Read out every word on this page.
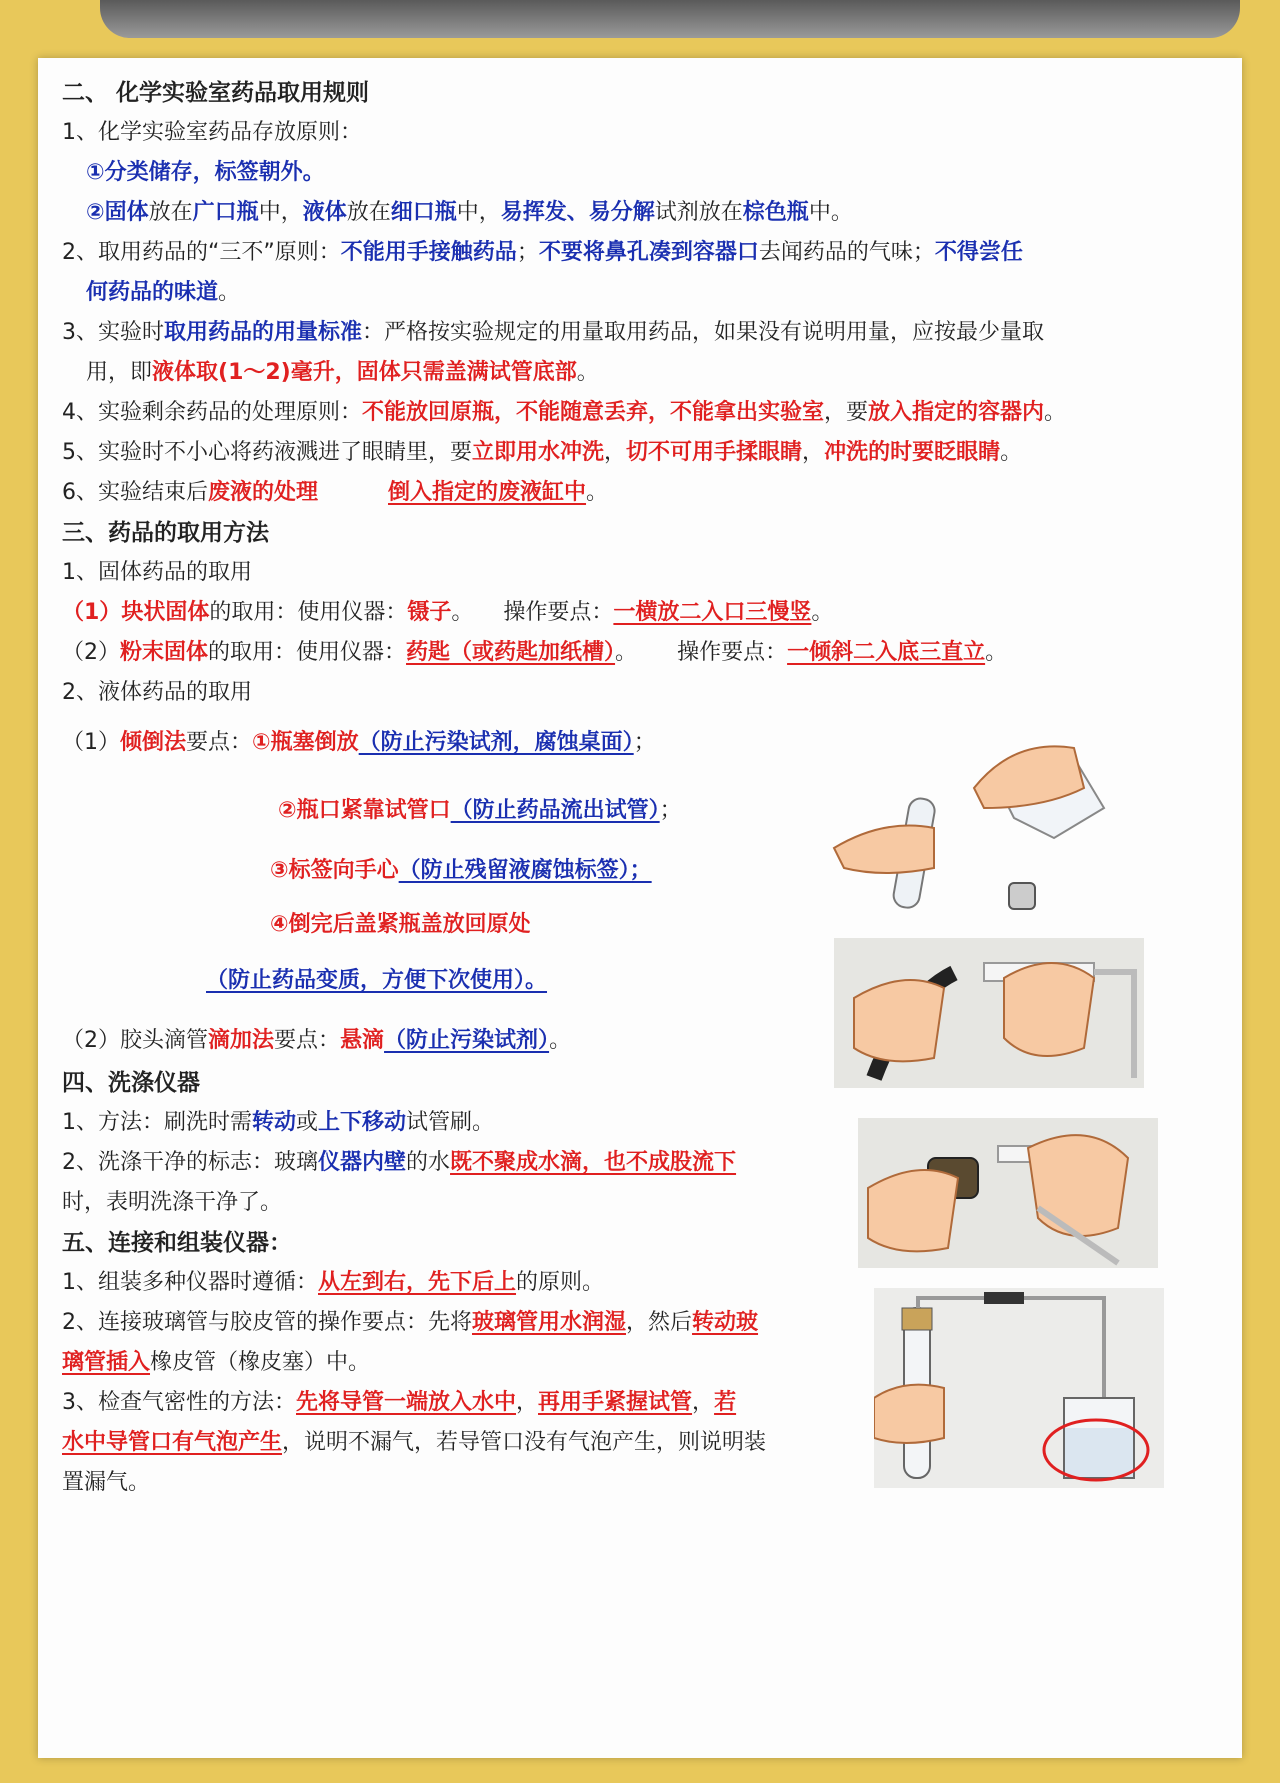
二、 化学实验室药品取用规则
1、化学实验室药品存放原则：
①分类储存，标签朝外。
②固体放在广口瓶中，液体放在细口瓶中，易挥发、易分解试剂放在棕色瓶中。
2、取用药品的“三不”原则：不能用手接触药品；不要将鼻孔凑到容器口去闻药品的气味；不得尝任
何药品的味道。
3、实验时取用药品的用量标准：严格按实验规定的用量取用药品，如果没有说明用量，应按最少量取
用，即液体取(1～2)毫升，固体只需盖满试管底部。
4、实验剩余药品的处理原则：不能放回原瓶，不能随意丢弃，不能拿出实验室，要放入指定的容器内。
5、实验时不小心将药液溅进了眼睛里，要立即用水冲洗，切不可用手揉眼睛，冲洗的时要眨眼睛。
6、实验结束后废液的处理	倒入指定的废液缸中。
三、药品的取用方法
1、固体药品的取用
（1）块状固体的取用：使用仪器：镊子。 操作要点：一横放二入口三慢竖。
（2）粉末固体的取用：使用仪器：药匙（或药匙加纸槽）。 操作要点：一倾斜二入底三直立。
2、液体药品的取用
（1）倾倒法要点：①瓶塞倒放（防止污染试剂，腐蚀桌面）；
②瓶口紧靠试管口（防止药品流出试管）；
③标签向手心（防止残留液腐蚀标签）；
④倒完后盖紧瓶盖放回原处
（防止药品变质，方便下次使用）。
（2）胶头滴管滴加法要点：悬滴（防止污染试剂）。
四、洗涤仪器
1、方法：刷洗时需转动或上下移动试管刷。
2、洗涤干净的标志：玻璃仪器内壁的水既不聚成水滴，也不成股流下
时，表明洗涤干净了。
五、连接和组装仪器：
1、组装多种仪器时遵循：从左到右，先下后上的原则。
2、连接玻璃管与胶皮管的操作要点：先将玻璃管用水润湿，然后转动玻
璃管插入橡皮管（橡皮塞）中。
3、检查气密性的方法：先将导管一端放入水中，再用手紧握试管，若
水中导管口有气泡产生，说明不漏气，若导管口没有气泡产生，则说明装
置漏气。
